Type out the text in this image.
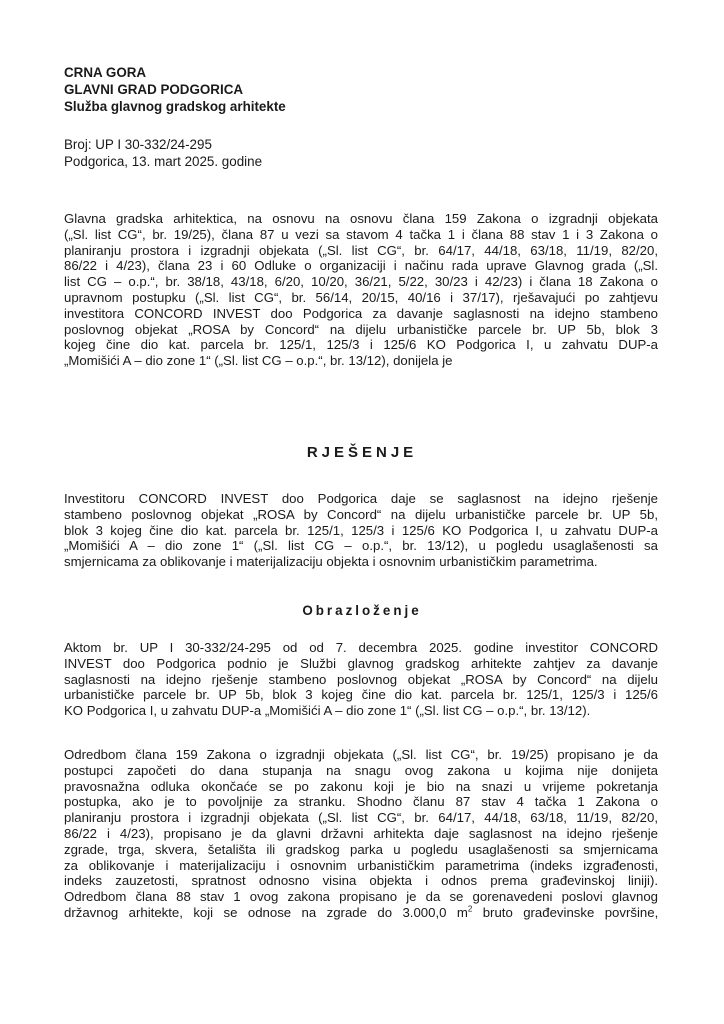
CRNA GORA
GLAVNI GRAD PODGORICA
Služba glavnog gradskog arhitekte
Broj: UP I 30-332/24-295
Podgorica, 13. mart 2025. godine
Glavna gradska arhitektica, na osnovu na osnovu člana 159 Zakona o izgradnji objekata
(„Sl. list CG“, br. 19/25), člana 87 u vezi sa stavom 4 tačka 1 i člana 88 stav 1 i 3 Zakona o
planiranju prostora i izgradnji objekata („Sl. list CG“, br. 64/17, 44/18, 63/18, 11/19, 82/20,
86/22 i 4/23), člana 23 i 60 Odluke o organizaciji i načinu rada uprave Glavnog grada („Sl.
list CG – o.p.“, br. 38/18, 43/18, 6/20, 10/20, 36/21, 5/22, 30/23 i 42/23) i člana 18 Zakona o
upravnom postupku („Sl. list CG“, br. 56/14, 20/15, 40/16 i 37/17), rješavajući po zahtjevu
investitora CONCORD INVEST doo Podgorica za davanje saglasnosti na idejno stambeno
poslovnog objekat „ROSA by Concord“ na dijelu urbanističke parcele br. UP 5b, blok 3
kojeg čine dio kat. parcela br. 125/1, 125/3 i 125/6 KO Podgorica I, u zahvatu DUP-a
„Momišići A – dio zone 1“ („Sl. list CG – o.p.“, br. 13/12), donijela je
RJEŠENJE
Investitoru CONCORD INVEST doo Podgorica daje se saglasnost na idejno rješenje
stambeno poslovnog objekat „ROSA by Concord“ na dijelu urbanističke parcele br. UP 5b,
blok 3 kojeg čine dio kat. parcela br. 125/1, 125/3 i 125/6 KO Podgorica I, u zahvatu DUP-a
„Momišići A – dio zone 1“ („Sl. list CG – o.p.“, br. 13/12), u pogledu usaglašenosti sa
smjernicama za oblikovanje i materijalizaciju objekta i osnovnim urbanističkim parametrima.
Obrazloženje
Aktom br. UP I 30-332/24-295 od od 7. decembra 2025. godine investitor CONCORD
INVEST doo Podgorica podnio je Službi glavnog gradskog arhitekte zahtjev za davanje
saglasnosti na idejno rješenje stambeno poslovnog objekat „ROSA by Concord“ na dijelu
urbanističke parcele br. UP 5b, blok 3 kojeg čine dio kat. parcela br. 125/1, 125/3 i 125/6
KO Podgorica I, u zahvatu DUP-a „Momišići A – dio zone 1“ („Sl. list CG – o.p.“, br. 13/12).
Odredbom člana 159 Zakona o izgradnji objekata („Sl. list CG“, br. 19/25) propisano je da
postupci započeti do dana stupanja na snagu ovog zakona u kojima nije donijeta
pravosnažna odluka okončaće se po zakonu koji je bio na snazi u vrijeme pokretanja
postupka, ako je to povoljnije za stranku. Shodno članu 87 stav 4 tačka 1 Zakona o
planiranju prostora i izgradnji objekata („Sl. list CG“, br. 64/17, 44/18, 63/18, 11/19, 82/20,
86/22 i 4/23), propisano je da glavni državni arhitekta daje saglasnost na idejno rješenje
zgrade, trga, skvera, šetališta ili gradskog parka u pogledu usaglašenosti sa smjernicama
za oblikovanje i materijalizaciju i osnovnim urbanističkim parametrima (indeks izgrađenosti,
indeks zauzetosti, spratnost odnosno visina objekta i odnos prema građevinskoj liniji).
Odredbom člana 88 stav 1 ovog zakona propisano je da se gorenavedeni poslovi glavnog
državnog arhitekte, koji se odnose na zgrade do 3.000,0 $m^2$ bruto građevinske površine,
